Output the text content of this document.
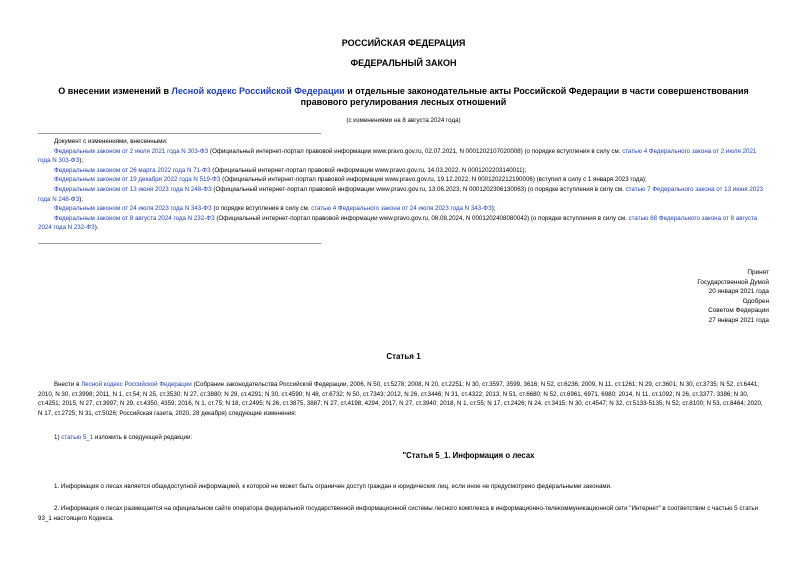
РОССИЙСКАЯ ФЕДЕРАЦИЯ
ФЕДЕРАЛЬНЫЙ ЗАКОН
О внесении изменений в Лесной кодекс Российской Федерации и отдельные законодательные акты Российской Федерации в части совершенствования
правового регулирования лесных отношений
(с изменениями на 8 августа 2024 года)

Документ с изменениями, внесенными:

Федеральным законом от 2 июля 2021 года N 303-ФЗ (Официальный интернет-портал правовой информации www.pravo.gov.ru, 02.07.2021, N 0001202107020008) (о порядке вступления в силу см. статью 4 Федерального закона от 2 июля 2021 года N 303-ФЗ);

Федеральным законом от 26 марта 2022 года N 71-ФЗ (Официальный интернет-портал правовой информации www.pravo.gov.ru, 14.03.2022, N 0001202203140011);

Федеральным законом от 19 декабря 2022 года N 519-ФЗ (Официальный интернет-портал правовой информации www.pravo.gov.ru, 19.12.2022, N 0001202212190006) (вступил в силу с 1 января 2023 года);

Федеральным законом от 13 июня 2023 года N 248-ФЗ (Официальный интернет-портал правовой информации www.pravo.gov.ru, 13.06.2023, N 0001202306130063) (о порядке вступления в силу см. статью 7 Федерального закона от 13 июня 2023 года N 248-ФЗ);

Федеральным законом от 24 июля 2023 года N 343-ФЗ (о порядке вступления в силу см. статью 4 Федерального закона от 24 июля 2023 года N 343-ФЗ);

Федеральным законом от 8 августа 2024 года N 232-ФЗ (Официальный интернет-портал правовой информации www.pravo.gov.ru, 08.08.2024, N 0001202408080042) (о порядке вступления в силу см. статью 88 Федерального закона от 8 августа 2024 года N 232-ФЗ).

Принят
Государственной Думой
20 января 2021 года
Одобрен
Советом Федерации
27 января 2021 года
Статья 1

Внести в Лесной кодекс Российской Федерации (Собрание законодательства Российской Федерации, 2006, N 50, ст.5278; 2008, N 20, ст.2251; N 30, ст.3597, 3599, 3616; N 52, ст.6236; 2009, N 11, ст.1261; N 29, ст.3601; N 30, ст.3735; N 52, ст.6441; 2010, N 30, ст.3998; 2011, N 1, ст.54; N 25, ст.3530; N 27, ст.3880; N 29, ст.4291; N 30, ст.4590; N 48, ст.6732; N 50, ст.7343; 2012, N 26, ст.3446; N 31, ст.4322; 2013, N 51, ст.6680; N 52, ст.6961, 6971, 6980; 2014, N 11, ст.1092; N 26, ст.3377, 3386; N 30, ст.4251; 2015, N 27, ст.3997; N 29, ст.4350, 4359; 2016, N 1, ст.75; N 18, ст.2495; N 26, ст.3875, 3887; N 27, ст.4198, 4294; 2017, N 27, ст.3940; 2018, N 1, ст.55; N 17, ст.2426; N 24, ст.3415; N 30, ст.4547; N 32, ст.5133-5135; N 52, ст.8100; N 53, ст.8464; 2020, N 17, ст.2725; N 31, ст.5026; Российская газета, 2020, 28 декабря) следующие изменения:

1) статью 5_1 изложить в следующей редакции:

"Статья 5_1. Информация о лесах

1. Информация о лесах является общедоступной информацией, к которой не может быть ограничен доступ граждан и юридических лиц, если иное не предусмотрено федеральными законами.

2. Информация о лесах размещается на официальном сайте оператора федеральной государственной информационной системы лесного комплекса в информационно-телекоммуникационной сети "Интернет" в соответствии с частью 5 статьи 93_1 настоящего Кодекса.
